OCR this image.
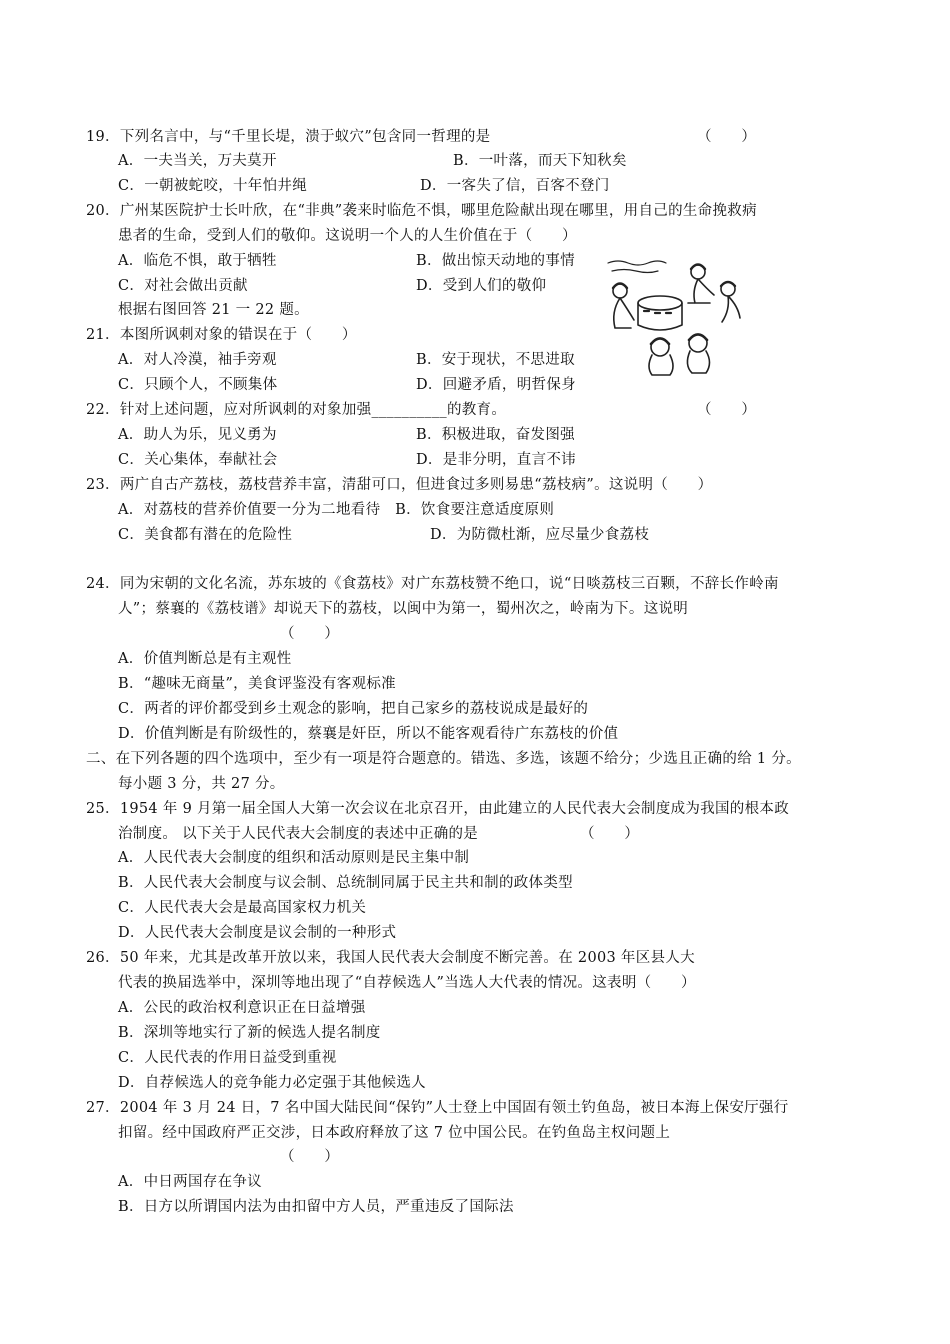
19．下列名言中，与“千里长堤，溃于蚁穴”包含同一哲理的是	（　　）
A．一夫当关，万夫莫开	B．一叶落，而天下知秋矣
C．一朝被蛇咬，十年怕井绳	D．一客失了信，百客不登门
20．广州某医院护士长叶欣，在“非典”袭来时临危不惧，哪里危险献出现在哪里，用自己的生命挽救病
患者的生命，受到人们的敬仰。这说明一个人的人生价值在于（　　）
A．临危不惧，敢于牺牲	B．做出惊天动地的事情
C．对社会做出贡献	D．受到人们的敬仰
根据右图回答 21 一 22 题。
21．本图所讽刺对象的错误在于（　　）
A．对人冷漠，袖手旁观	B．安于现状，不思进取
C．只顾个人，不顾集体	D．回避矛盾，明哲保身
22．针对上述问题，应对所讽刺的对象加强__________的教育。	（　　）
A．助人为乐，见义勇为	B．积极进取，奋发图强
C．关心集体，奉献社会	D．是非分明，直言不讳
23．两广自古产荔枝，荔枝营养丰富，清甜可口，但进食过多则易患“荔枝病”。这说明（　　）
A．对荔枝的营养价值要一分为二地看待　B．饮食要注意适度原则
C．美食都有潜在的危险性	D．为防微杜渐，应尽量少食荔枝
24．同为宋朝的文化名流，苏东坡的《食荔枝》对广东荔枝赞不绝口，说“日啖荔枝三百颗，不辞长作岭南
人”；蔡襄的《荔枝谱》却说天下的荔枝，以闽中为第一，蜀州次之，岭南为下。这说明
（　　）
A．价值判断总是有主观性
B．“趣味无商量”，美食评鉴没有客观标准
C．两者的评价都受到乡土观念的影响，把自己家乡的荔枝说成是最好的
D．价值判断是有阶级性的，蔡襄是奸臣，所以不能客观看待广东荔枝的价值
二、在下列各题的四个选项中，至少有一项是符合题意的。错选、多选，该题不给分；少选且正确的给 1 分。
每小题 3 分，共 27 分。
25．1954 年 9 月第一届全国人大第一次会议在北京召开，由此建立的人民代表大会制度成为我国的根本政
治制度。 以下关于人民代表大会制度的表述中正确的是	（　　）
A．人民代表大会制度的组织和活动原则是民主集中制
B．人民代表大会制度与议会制、总统制同属于民主共和制的政体类型
C．人民代表大会是最高国家权力机关
D．人民代表大会制度是议会制的一种形式
26．50 年来，尤其是改革开放以来，我国人民代表大会制度不断完善。在 2003 年区县人大
代表的换届选举中，深圳等地出现了“自荐候选人”当选人大代表的情况。这表明（　　）
A．公民的政治权利意识正在日益增强
B．深圳等地实行了新的候选人提名制度
C．人民代表的作用日益受到重视
D．自荐候选人的竞争能力必定强于其他候选人
27．2004 年 3 月 24 日，7 名中国大陆民间“保钓”人士登上中国固有领土钓鱼岛，被日本海上保安厅强行
扣留。经中国政府严正交涉，日本政府释放了这 7 位中国公民。在钓鱼岛主权问题上
（　　）
A．中日两国存在争议
B．日方以所谓国内法为由扣留中方人员，严重违反了国际法
